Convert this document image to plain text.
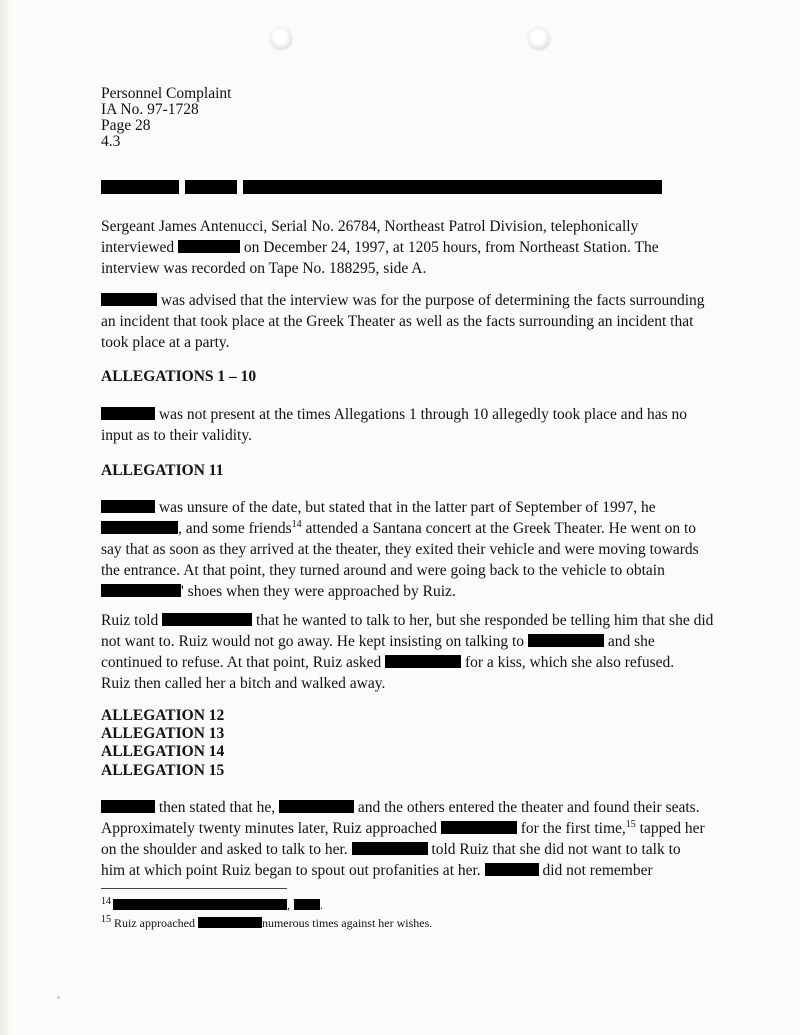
Personnel Complaint
IA No. 97-1728
Page 28
4.3
Sergeant James Antenucci, Serial No. 26784, Northeast Patrol Division, telephonically
interviewed	on December 24, 1997, at 1205 hours, from Northeast Station. The
interview was recorded on Tape No. 188295, side A.
was advised that the interview was for the purpose of determining the facts surrounding
an incident that took place at the Greek Theater as well as the facts surrounding an incident that
took place at a party.
ALLEGATIONS 1 – 10
was not present at the times Allegations 1 through 10 allegedly took place and has no
input as to their validity.
ALLEGATION 11
was unsure of the date, but stated that in the latter part of September of 1997, he
, and some friends$^{14}$ attended a Santana concert at the Greek Theater. He went on to
say that as soon as they arrived at the theater, they exited their vehicle and were moving towards
the entrance. At that point, they turned around and were going back to the vehicle to obtain
' shoes when they were approached by Ruiz.
Ruiz told	that he wanted to talk to her, but she responded be telling him that she did
not want to. Ruiz would not go away. He kept insisting on talking to	and she
continued to refuse. At that point, Ruiz asked	for a kiss, which she also refused.
Ruiz then called her a bitch and walked away.
ALLEGATION 12
ALLEGATION 13
ALLEGATION 14
ALLEGATION 15
then stated that he,	and the others entered the theater and found their seats.
Approximately twenty minutes later, Ruiz approached	for the first time,$^{15}$ tapped her
on the shoulder and asked to talk to her.	told Ruiz that she did not want to talk to
him at which point Ruiz began to spout out profanities at her.	did not remember
$^{14}$	,	.
$^{15}$ Ruiz approached	numerous times against her wishes.
